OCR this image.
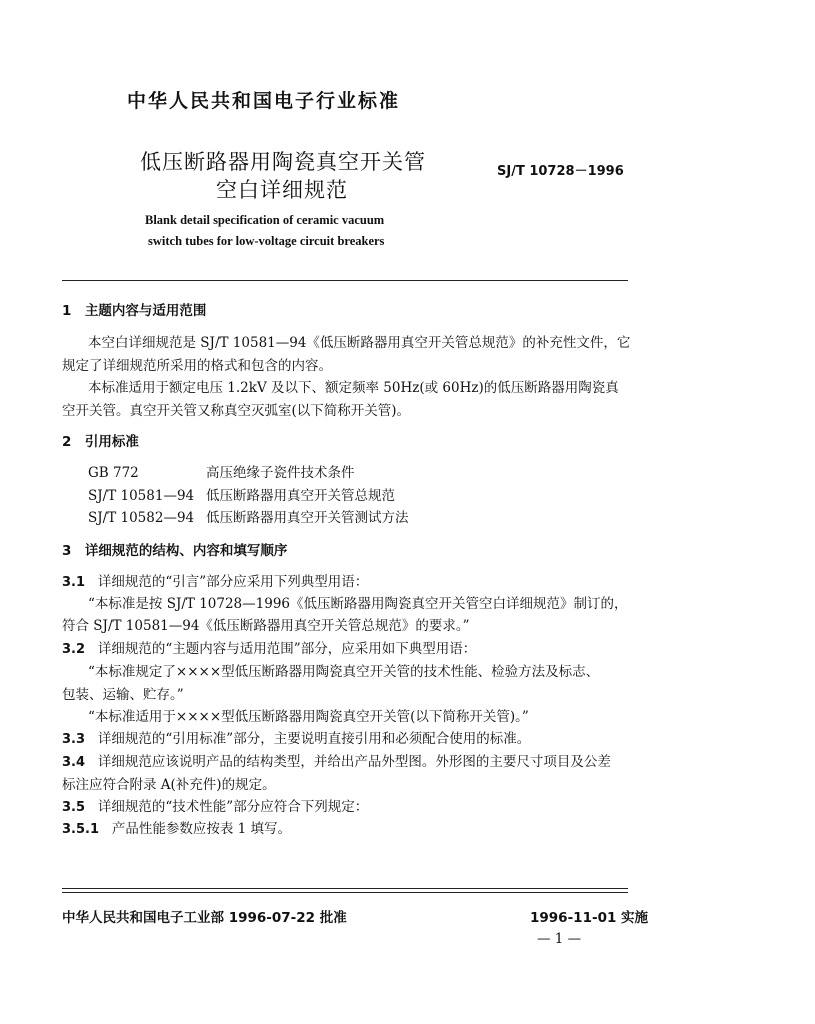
中华人民共和国电子行业标准
低压断路器用陶瓷真空开关管
空白详细规范
Blank detail specification of ceramic vacuum
switch tubes for low-voltage circuit breakers
SJ/T 10728－1996
1　主题内容与适用范围
本空白详细规范是 SJ/T 10581—94《低压断路器用真空开关管总规范》的补充性文件，它
规定了详细规范所采用的格式和包含的内容。
本标准适用于额定电压 1.2kV 及以下、额定频率 50Hz(或 60Hz)的低压断路器用陶瓷真
空开关管。真空开关管又称真空灭弧室(以下简称开关管)。
2　引用标准
GB 772	高压绝缘子瓷件技术条件
SJ/T 10581—94 低压断路器用真空开关管总规范
SJ/T 10582—94 低压断路器用真空开关管测试方法
3　详细规范的结构、内容和填写顺序
3.1 详细规范的“引言”部分应采用下列典型用语：
“本标准是按 SJ/T 10728—1996《低压断路器用陶瓷真空开关管空白详细规范》制订的，
符合 SJ/T 10581—94《低压断路器用真空开关管总规范》的要求。”
3.2 详细规范的“主题内容与适用范围”部分，应采用如下典型用语：
“本标准规定了××××型低压断路器用陶瓷真空开关管的技术性能、检验方法及标志、
包装、运输、贮存。”
“本标准适用于××××型低压断路器用陶瓷真空开关管(以下简称开关管)。”
3.3 详细规范的“引用标准”部分，主要说明直接引用和必须配合使用的标准。
3.4 详细规范应该说明产品的结构类型，并给出产品外型图。外形图的主要尺寸项目及公差
标注应符合附录 A(补充件)的规定。
3.5 详细规范的“技术性能”部分应符合下列规定：
3.5.1 产品性能参数应按表 1 填写。
中华人民共和国电子工业部 1996-07-22 批准	1996-11-01 实施
— 1 —
